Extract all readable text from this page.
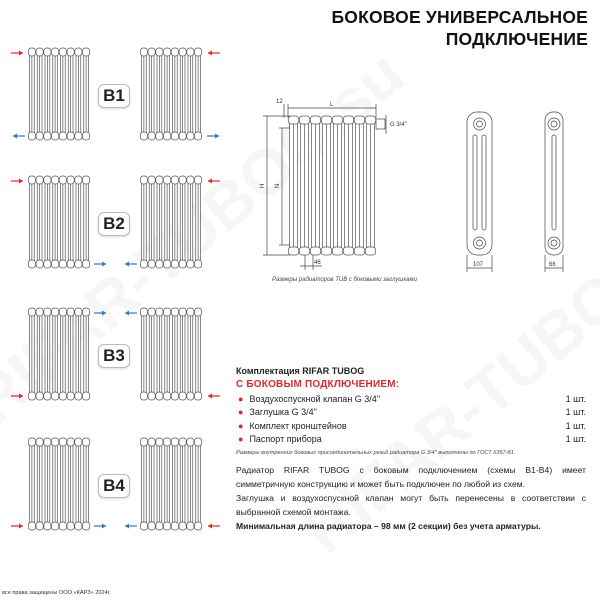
БОКОВОЕ УНИВЕРСАЛЬНОЕ
ПОДКЛЮЧЕНИЕ
B1
B2
B3
B4
12	L
H N
G 3/4''
46	107	66
Размеры радиаторов TUB с боковыми заглушками
Комплектация RIFAR TUBOG
С БОКОВЫМ ПОДКЛЮЧЕНИЕМ:
● Воздухоспускной клапан G 3/4''	1 шт.
● Заглушка G 3/4''	1 шт.
● Комплект кронштейнов	1 шт.
● Паспорт прибора	1 шт.
Размеры внутренних боковых присоединительных резьб радиатора G 3/4'' выполнены по ГОСТ 6357-81.
Радиатор RIFAR TUBOG с боковым подключением (схемы B1-B4) имеет симметричную конструкцию и может быть подключен по любой из схем.
Заглушка и воздухоспускной клапан могут быть перенесены в соответствии с выбранной схемой монтажа.
Минимальная длина радиатора – 98 мм (2 секции) без учета арматуры.
все права защищены ООО «КАРЗ» 2024г.
